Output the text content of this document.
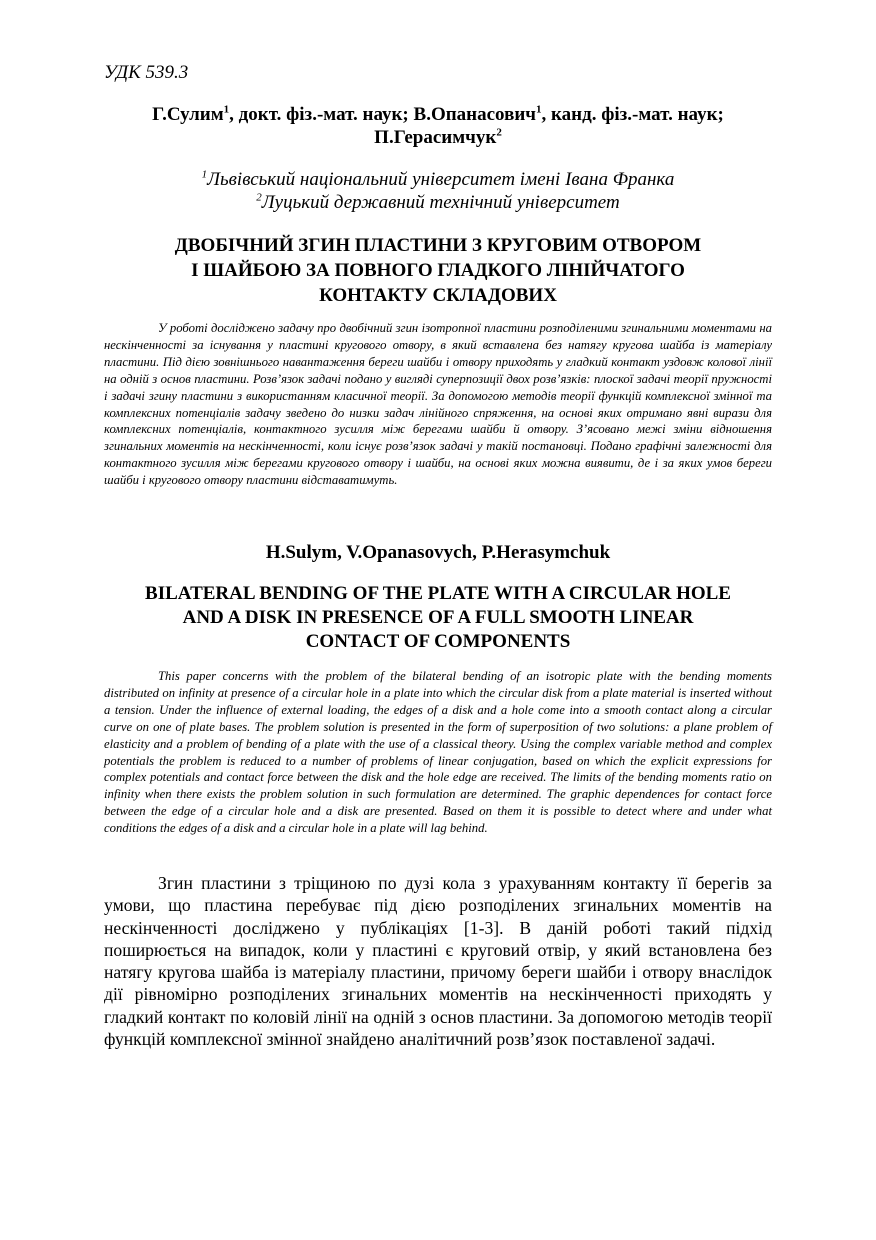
УДК 539.3
Г.Сулим$^1$, докт. фіз.-мат. наук; В.Опанасович$^1$, канд. фіз.-мат. наук;
П.Герасимчук$^2$
$^1$Львівський національний університет імені Івана Франка
$^2$Луцький державний технічний університет
ДВОБІЧНИЙ ЗГИН ПЛАСТИНИ З КРУГОВИМ ОТВОРОМ
І ШАЙБОЮ ЗА ПОВНОГО ГЛАДКОГО ЛІНІЙЧАТОГО
КОНТАКТУ СКЛАДОВИХ

У роботі досліджено задачу про двобічний згин ізотропної пластини розподіленими згинальними моментами на нескінченності за існування у пластині кругового отвору, в який вставлена без натягу кругова шайба із матеріалу пластини. Під дією зовнішнього навантаження береги шайби і отвору приходять у гладкий контакт уздовж колової лінії на одній з основ пластини. Розв’язок задачі подано у вигляді суперпозиції двох розв’язків: плоскої задачі теорії пружності і задачі згину пластини з використанням класичної теорії. За допомогою методів теорії функцій комплексної змінної та комплексних потенціалів задачу зведено до низки задач лінійного спряження, на основі яких отримано явні вирази для комплексних потенціалів, контактного зусилля між берегами шайби й отвору. З’ясовано межі зміни відношення згинальних моментів на нескінченності, коли існує розв’язок задачі у такій постановці. Подано графічні залежності для контактного зусилля між берегами кругового отвору і шайби, на основі яких можна виявити, де і за яких умов береги шайби і кругового отвору пластини відставатимуть.

H.Sulym, V.Opanasovych, P.Herasymchuk
BILATERAL BENDING OF THE PLATE WITH A CIRCULAR HOLE
AND A DISK IN PRESENCE OF A FULL SMOOTH LINEAR
CONTACT OF COMPONENTS

This paper concerns with the problem of the bilateral bending of an isotropic plate with the bending moments distributed on infinity at presence of a circular hole in a plate into which the circular disk from a plate material is inserted without a tension. Under the influence of external loading, the edges of a disk and a hole come into a smooth contact along a circular curve on one of plate bases. The problem solution is presented in the form of superposition of two solutions: a plane problem of elasticity and a problem of bending of a plate with the use of a classical theory. Using the complex variable method and complex potentials the problem is reduced to a number of problems of linear conjugation, based on which the explicit expressions for complex potentials and contact force between the disk and the hole edge are received. The limits of the bending moments ratio on infinity when there exists the problem solution in such formulation are determined. The graphic dependences for contact force between the edge of a circular hole and a disk are presented. Based on them it is possible to detect where and under what conditions the edges of a disk and a circular hole in a plate will lag behind.

Згин пластини з тріщиною по дузі кола з урахуванням контакту її берегів за умови, що пластина перебуває під дією розподілених згинальних моментів на нескінченності досліджено у публікаціях [1-3]. В даній роботі такий підхід поширюється на випадок, коли у пластині є круговий отвір, у який встановлена без натягу кругова шайба із матеріалу пластини, причому береги шайби і отвору внаслідок дії рівномірно розподілених згинальних моментів на нескінченності приходять у гладкий контакт по коловій лінії на одній з основ пластини. За допомогою методів теорії функцій комплексної змінної знайдено аналітичний розв’язок поставленої задачі.
